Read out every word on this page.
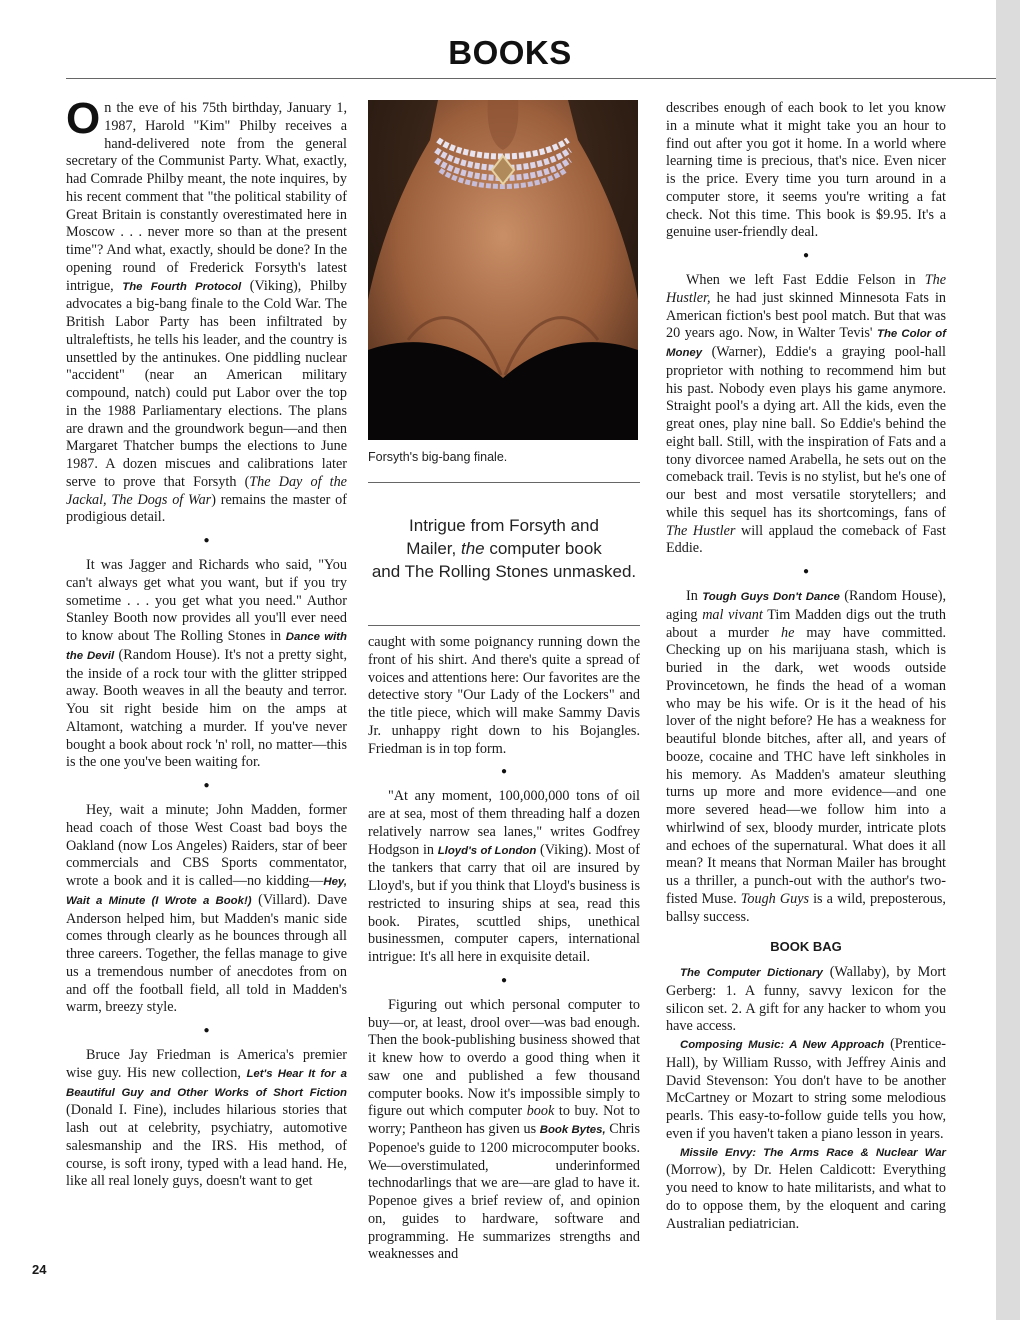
BOOKS

On the eve of his 75th birthday, January 1, 1987, Harold "Kim" Philby receives a hand-delivered note from the general secretary of the Communist Party. What, exactly, had Comrade Philby meant, the note inquires, by his recent comment that "the political stability of Great Britain is constantly overestimated here in Moscow . . . never more so than at the present time"? And what, exactly, should be done? In the opening round of Frederick Forsyth's latest intrigue, The Fourth Protocol (Viking), Philby advocates a big-bang finale to the Cold War. The British Labor Party has been infiltrated by ultraleftists, he tells his leader, and the country is unsettled by the antinukes. One piddling nuclear "accident" (near an American military compound, natch) could put Labor over the top in the 1988 Parliamentary elections. The plans are drawn and the groundwork begun—and then Margaret Thatcher bumps the elections to June 1987. A dozen miscues and calibrations later serve to prove that Forsyth (The Day of the Jackal, The Dogs of War) remains the master of prodigious detail.

●

It was Jagger and Richards who said, "You can't always get what you want, but if you try sometime . . . you get what you need." Author Stanley Booth now provides all you'll ever need to know about The Rolling Stones in Dance with the Devil (Random House). It's not a pretty sight, the inside of a rock tour with the glitter stripped away. Booth weaves in all the beauty and terror. You sit right beside him on the amps at Altamont, watching a murder. If you've never bought a book about rock 'n' roll, no matter—this is the one you've been waiting for.

●

Hey, wait a minute; John Madden, former head coach of those West Coast bad boys the Oakland (now Los Angeles) Raiders, star of beer commercials and CBS Sports commentator, wrote a book and it is called—no kidding—Hey, Wait a Minute (I Wrote a Book!) (Villard). Dave Anderson helped him, but Madden's manic side comes through clearly as he bounces through all three careers. Together, the fellas manage to give us a tremendous number of anecdotes from on and off the football field, all told in Madden's warm, breezy style.

●

Bruce Jay Friedman is America's premier wise guy. His new collection, Let's Hear It for a Beautiful Guy and Other Works of Short Fiction (Donald I. Fine), includes hilarious stories that lash out at celebrity, psychiatry, automotive salesmanship and the IRS. His method, of course, is soft irony, typed with a lead hand. He, like all real lonely guys, doesn't want to get

Forsyth's big-bang finale.
Intrigue from Forsyth and
Mailer, the computer book
and The Rolling Stones unmasked.

caught with some poignancy running down the front of his shirt. And there's quite a spread of voices and attentions here: Our favorites are the detective story "Our Lady of the Lockers" and the title piece, which will make Sammy Davis Jr. unhappy right down to his Bojangles. Friedman is in top form.

●

"At any moment, 100,000,000 tons of oil are at sea, most of them threading half a dozen relatively narrow sea lanes," writes Godfrey Hodgson in Lloyd's of London (Viking). Most of the tankers that carry that oil are insured by Lloyd's, but if you think that Lloyd's business is restricted to insuring ships at sea, read this book. Pirates, scuttled ships, unethical businessmen, computer capers, international intrigue: It's all here in exquisite detail.

●

Figuring out which personal computer to buy—or, at least, drool over—was bad enough. Then the book-publishing business showed that it knew how to overdo a good thing when it saw one and published a few thousand computer books. Now it's impossible simply to figure out which computer book to buy. Not to worry; Pantheon has given us Book Bytes, Chris Popenoe's guide to 1200 microcomputer books. We—overstimulated, underinformed technodarlings that we are—are glad to have it. Popenoe gives a brief review of, and opinion on, guides to hardware, software and programming. He summarizes strengths and weaknesses and

describes enough of each book to let you know in a minute what it might take you an hour to find out after you got it home. In a world where learning time is precious, that's nice. Even nicer is the price. Every time you turn around in a computer store, it seems you're writing a fat check. Not this time. This book is $9.95. It's a genuine user-friendly deal.

●

When we left Fast Eddie Felson in The Hustler, he had just skinned Minnesota Fats in American fiction's best pool match. But that was 20 years ago. Now, in Walter Tevis' The Color of Money (Warner), Eddie's a graying pool-hall proprietor with nothing to recommend him but his past. Nobody even plays his game anymore. Straight pool's a dying art. All the kids, even the great ones, play nine ball. So Eddie's behind the eight ball. Still, with the inspiration of Fats and a tony divorcee named Arabella, he sets out on the comeback trail. Tevis is no stylist, but he's one of our best and most versatile storytellers; and while this sequel has its shortcomings, fans of The Hustler will applaud the comeback of Fast Eddie.

●

In Tough Guys Don't Dance (Random House), aging mal vivant Tim Madden digs out the truth about a murder he may have committed. Checking up on his marijuana stash, which is buried in the dark, wet woods outside Provincetown, he finds the head of a woman who may be his wife. Or is it the head of his lover of the night before? He has a weakness for beautiful blonde bitches, after all, and years of booze, cocaine and THC have left sinkholes in his memory. As Madden's amateur sleuthing turns up more and more evidence—and one more severed head—we follow him into a whirlwind of sex, bloody murder, intricate plots and echoes of the supernatural. What does it all mean? It means that Norman Mailer has brought us a thriller, a punch-out with the author's two-fisted Muse. Tough Guys is a wild, preposterous, ballsy success.

BOOK BAG

The Computer Dictionary (Wallaby), by Mort Gerberg: 1. A funny, savvy lexicon for the silicon set. 2. A gift for any hacker to whom you have access.

Composing Music: A New Approach (Prentice-Hall), by William Russo, with Jeffrey Ainis and David Stevenson: You don't have to be another McCartney or Mozart to string some melodious pearls. This easy-to-follow guide tells you how, even if you haven't taken a piano lesson in years.

Missile Envy: The Arms Race & Nuclear War (Morrow), by Dr. Helen Caldicott: Everything you need to know to hate militarists, and what to do to oppose them, by the eloquent and caring Australian pediatrician.

24
